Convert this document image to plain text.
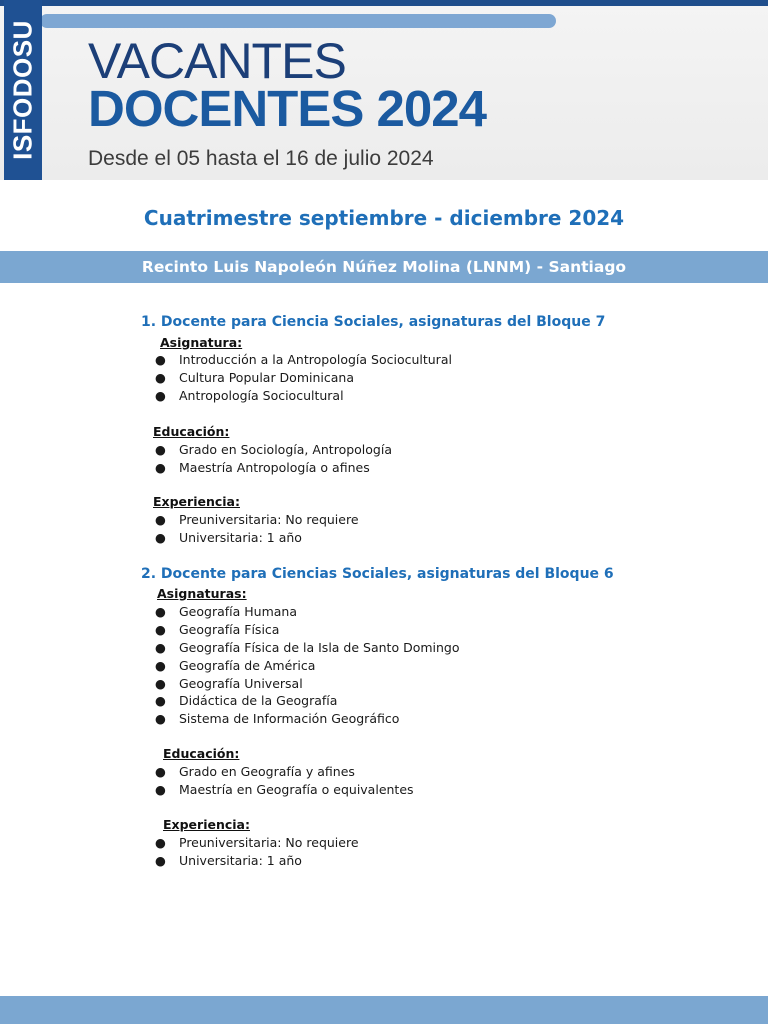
ISFODOSU VACANTES
DOCENTES 2024
Desde el 05 hasta el 16 de julio 2024
Cuatrimestre septiembre - diciembre 2024
Recinto Luis Napoleón Núñez Molina (LNNM) - Santiago
1. Docente para Ciencia Sociales, asignaturas del Bloque 7
Asignatura:
● Introducción a la Antropología Sociocultural
● Cultura Popular Dominicana
● Antropología Sociocultural
Educación:
● Grado en Sociología, Antropología
● Maestría Antropología o afines
Experiencia:
● Preuniversitaria: No requiere
● Universitaria: 1 año
2. Docente para Ciencias Sociales, asignaturas del Bloque 6
Asignaturas:
● Geografía Humana
● Geografía Física
● Geografía Física de la Isla de Santo Domingo
● Geografía de América
● Geografía Universal
● Didáctica de la Geografía
● Sistema de Información Geográfico
Educación:
● Grado en Geografía y afines
● Maestría en Geografía o equivalentes
Experiencia:
● Preuniversitaria: No requiere
● Universitaria: 1 año
